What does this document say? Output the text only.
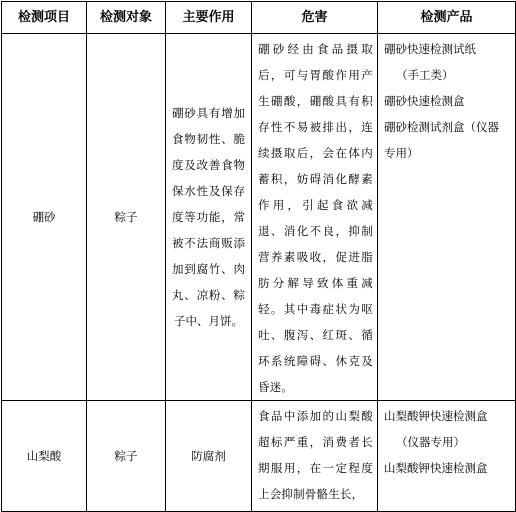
检测项目	检测对象	主要作用	危害	检测产品

硼砂	粽子	硼砂具有增加食物韧性、脆度及改善食物保水性及保存度等功能，常被不法商贩添加到腐竹、肉丸、凉粉、粽子中、月饼。	硼砂经由食品摄取后，可与胃酸作用产生硼酸，硼酸具有积存性不易被排出，连续摄取后，会在体内蓄积，妨碍消化酵素作用，引起食欲减退、消化不良，抑制营养素吸收，促进脂肪分解导致体重减轻。其中毒症状为呕吐、腹泻、红斑、循环系统障碍、休克及昏迷。	硼砂快速检测试纸
（手工类）
硼砂快速检测盒
硼砂检测试剂盒（仪器
专用）

山梨酸	粽子	防腐剂	食品中添加的山梨酸超标严重，消费者长期服用，在一定程度上会抑制骨骼生长，	山梨酸钾快速检测盒
（仪器专用）
山梨酸钾快速检测盒
